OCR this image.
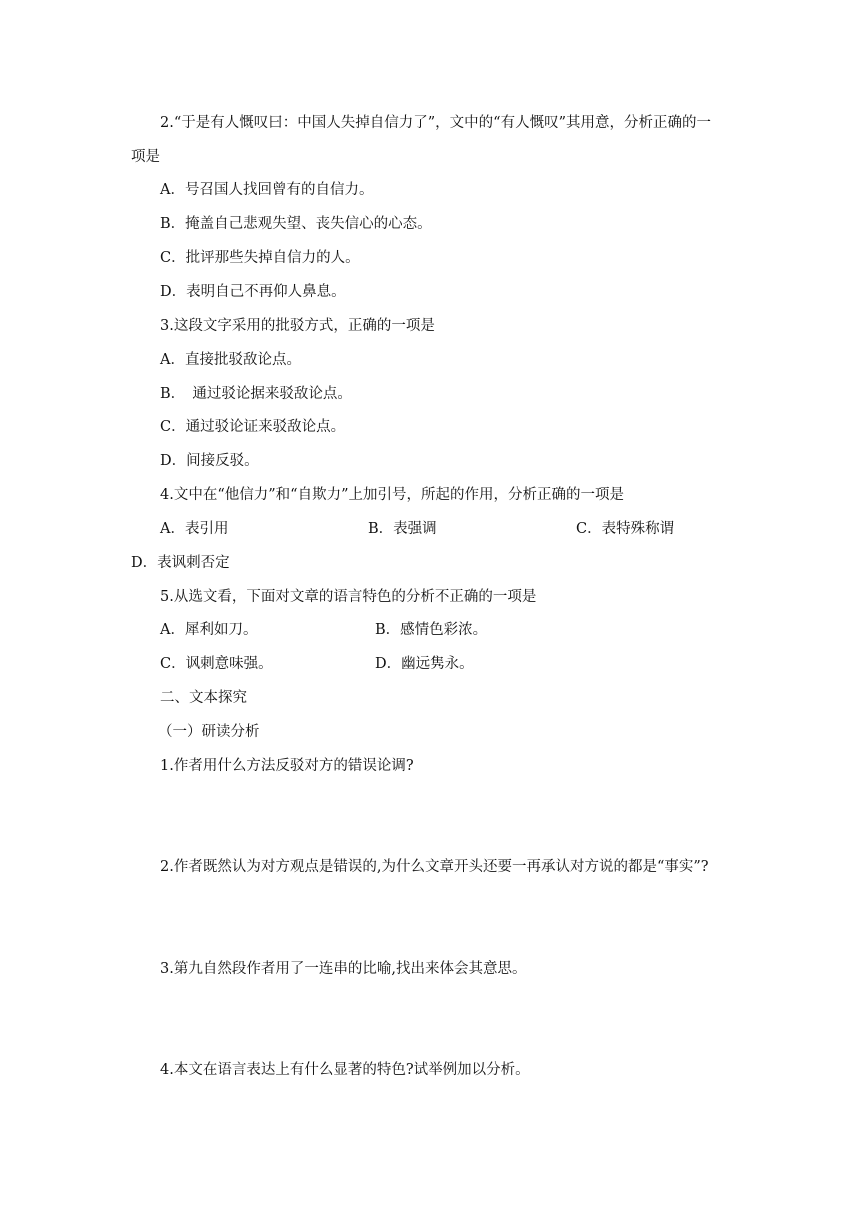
2.“于是有人慨叹曰：中国人失掉自信力了”，文中的“有人慨叹”其用意，分析正确的一
项是
A．号召国人找回曾有的自信力。
B．掩盖自己悲观失望、丧失信心的心态。
C．批评那些失掉自信力的人。
D．表明自己不再仰人鼻息。
3.这段文字采用的批驳方式，正确的一项是
A．直接批驳敌论点。
B．　通过驳论据来驳敌论点。
C．通过驳论证来驳敌论点。
D．间接反驳。
4.文中在“他信力”和“自欺力”上加引号，所起的作用，分析正确的一项是
A．表引用	B．表强调	C．表特殊称谓
D．表讽刺否定
5.从选文看，下面对文章的语言特色的分析不正确的一项是
A．犀利如刀。	B．感情色彩浓。
C．讽刺意味强。	D．幽远隽永。
二、文本探究
（一）研读分析
1.作者用什么方法反驳对方的错误论调?
2.作者既然认为对方观点是错误的,为什么文章开头还要一再承认对方说的都是“事实”?
3.第九自然段作者用了一连串的比喻,找出来体会其意思。
4.本文在语言表达上有什么显著的特色?试举例加以分析。
